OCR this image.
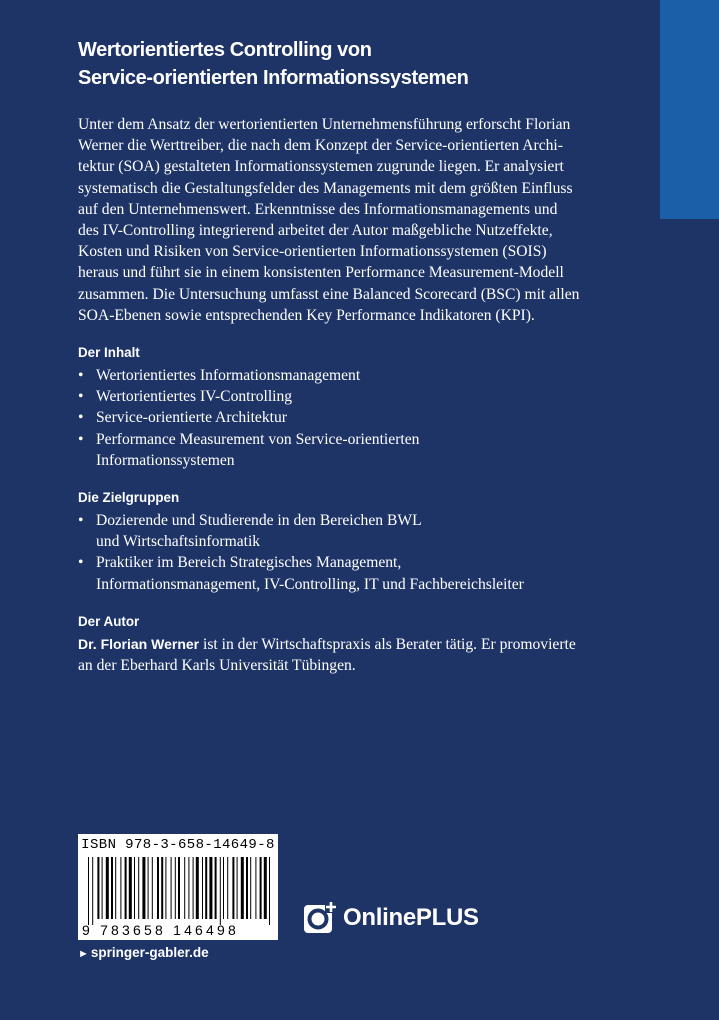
Wertorientiertes Controlling von
Service-orientierten Informationssystemen
Unter dem Ansatz der wertorientierten Unternehmensführung erforscht Florian
Werner die Werttreiber, die nach dem Konzept der Service-orientierten Archi-
tektur (SOA) gestalteten Informationssystemen zugrunde liegen. Er analysiert
systematisch die Gestaltungsfelder des Managements mit dem größten Einfluss
auf den Unternehmenswert. Erkenntnisse des Informationsmanagements und
des IV-Controlling integrierend arbeitet der Autor maßgebliche Nutzeffekte,
Kosten und Risiken von Service-orientierten Informationssystemen (SOIS)
heraus und führt sie in einem konsistenten Performance Measurement-Modell
zusammen. Die Untersuchung umfasst eine Balanced Scorecard (BSC) mit allen
SOA-Ebenen sowie entsprechenden Key Performance Indikatoren (KPI).
Der Inhalt
• Wertorientiertes Informationsmanagement
• Wertorientiertes IV-Controlling
• Service-orientierte Architektur
• Performance Measurement von Service-orientierten
Informationssystemen
Die Zielgruppen
• Dozierende und Studierende in den Bereichen BWL
und Wirtschaftsinformatik
• Praktiker im Bereich Strategisches Management,
Informationsmanagement, IV-Controlling, IT und Fachbereichsleiter
Der Autor
Dr. Florian Werner ist in der Wirtschaftspraxis als Berater tätig. Er promovierte
an der Eberhard Karls Universität Tübingen.
ISBN 978-3-658-14649-8
9 783658 146498	OnlinePLUS
► springer-gabler.de
